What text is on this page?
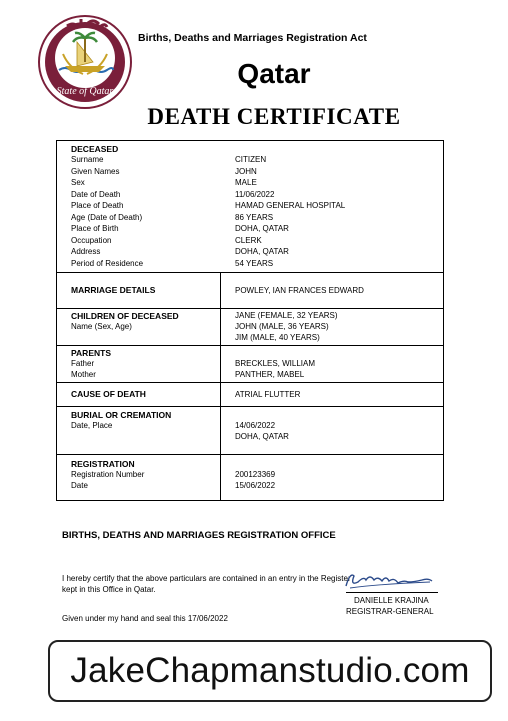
State of Qatar
Births, Deaths and Marriages Registration Act
Qatar
DEATH CERTIFICATE
DECEASED
Surname	CITIZEN
Given Names	JOHN
Sex	MALE
Date of Death	11/06/2022
Place of Death	HAMAD GENERAL HOSPITAL
Age (Date of Death)	86 YEARS
Place of Birth	DOHA, QATAR
Occupation	CLERK
Address	DOHA, QATAR
Period of Residence	54 YEARS
MARRIAGE DETAILS	POWLEY, IAN FRANCES EDWARD
CHILDREN OF DECEASED
Name (Sex, Age)
JANE (FEMALE, 32 YEARS)
JOHN (MALE, 36 YEARS)
JIM (MALE, 40 YEARS)
PARENTS
Father	BRECKLES, WILLIAM
Mother	PANTHER, MABEL
CAUSE OF DEATH	ATRIAL FLUTTER
BURIAL OR CREMATION
Date, Place	14/06/2022
DOHA, QATAR
REGISTRATION
Registration Number	200123369
Date	15/06/2022
BIRTHS, DEATHS AND MARRIAGES REGISTRATION OFFICE
I hereby certify that the above particulars are contained in an entry in the Register kept in this Office in Qatar.
Given under my hand and seal this 17/06/2022
DANIELLE KRAJINA
REGISTRAR-GENERAL
JakeChapmanstudio.com
